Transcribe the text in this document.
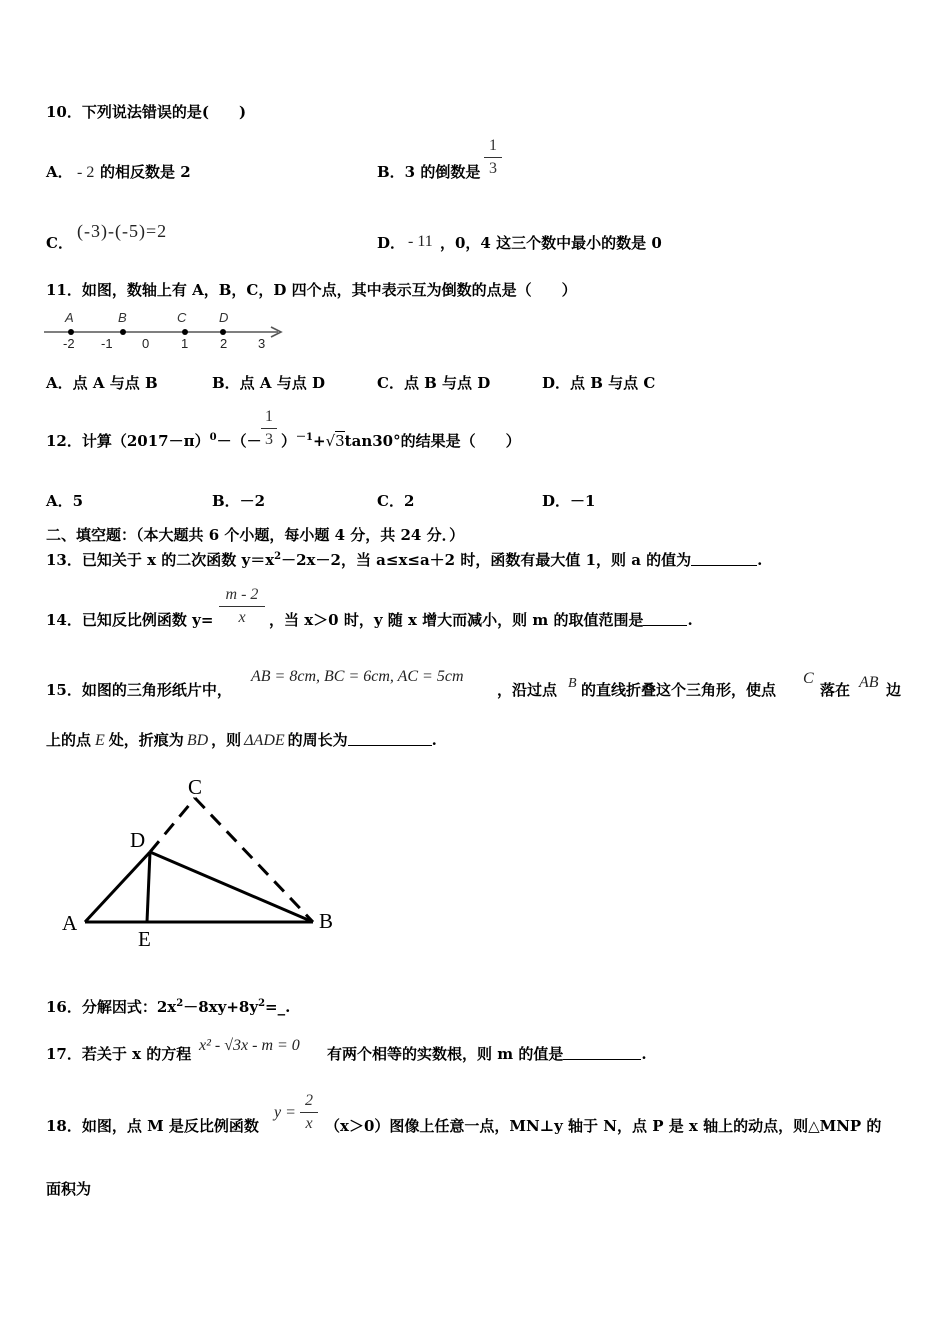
10．下列说法错误的是(　　)
A． - 2 的相反数是 2	B．3 的倒数是 $\frac{1}{3}$
C．
(-3)-(-5)=2
D． - 11 ，0，4 这三个数中最小的数是 0
11．如图，数轴上有 A，B，C，D 四个点，其中表示互为倒数的点是（　　）
A	B	C	D
-2 -1 0 1 2 3
A．点 A 与点 B	B．点 A 与点 D	C．点 B 与点 D	D．点 B 与点 C
12．计算$(2017-\pi)^0-(- \frac{1}{3} )^{-1}+√3\tan 30^\circ$的结果是（　　）
A．5	B．－2	C．2	D．－1
二、填空题：（本大题共 6 个小题，每小题 4 分，共 24 分．）
13．已知关于 x 的二次函数 $y=x^2-2x-2$，当 a≤x≤a＋2 时，函数有最大值 1，则 a 的值为	.
14．已知反比例函数 $y= \frac{m - 2}{x}$ ，当 x＞0 时，y 随 x 增大而减小，则 m 的取值范围是	.
15．如图的三角形纸片中，
AB = 8cm, BC = 6cm, AC = 5cm
，沿过点 B 的直线折叠这个三角形，使点
C
落在 AB 边
上的点 E 处，折痕为 BD ，则 ΔADE 的周长为	.
C
D
A
E
B
16．分解因式：$2x^2-8xy+8y^2=\_$.
17．若关于 x 的方程 x² - √3x - m = 0 有两个相等的实数根，则 m 的值是	.
18．如图，点 M 是反比例函数
$y = \frac{2}{x} (x>0)$图像上任意一点，MN⊥y 轴于 N，点 P 是 x 轴上的动点，则△MNP 的
面积为
